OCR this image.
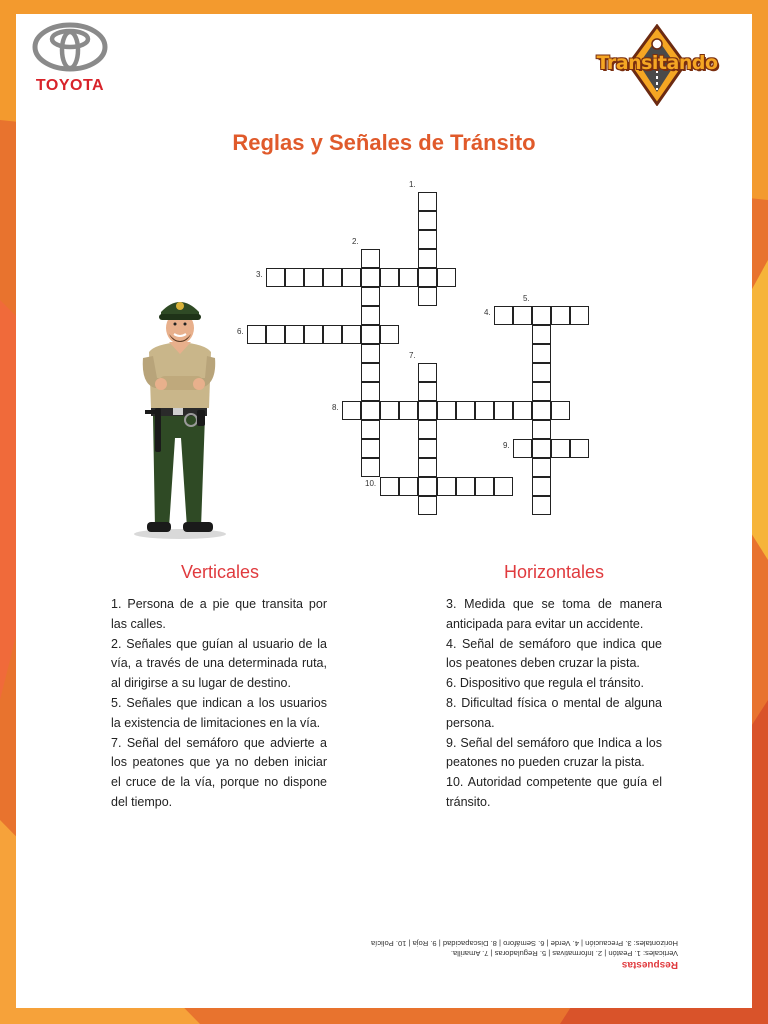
TOYOTA
Transitando
Reglas y Señales de Tránsito
1.
2.
3.
4.
5.
6.
7.
8.
9.
10.
Verticales
1. Persona de a pie que transita por las calles.
2. Señales que guían al usuario de la vía, a través de una determinada ruta, al dirigirse a su lugar de destino.
5. Señales que indican a los usuarios la existencia de limitaciones en la vía.
7. Señal del semáforo que advierte a los peatones que ya no deben iniciar el cruce de la vía, porque no dispone del tiempo.
Horizontales
3. Medida que se toma de manera anticipada para evitar un accidente.
4. Señal de semáforo que indica que los peatones deben cruzar la pista.
6. Dispositivo que regula el tránsito.
8. Dificultad física o mental de alguna persona.
9. Señal del semáforo que Indica a los peatones no pueden cruzar la pista.
10. Autoridad competente que guía el tránsito.
Respuestas
Verticales: 1. Peatón | 2. Informativas | 5. Reguladoras | 7. Amarilla.
Horizontales: 3. Precaución | 4. Verde | 6. Semáforo | 8. Discapacidad | 9. Roja | 10. Policía
